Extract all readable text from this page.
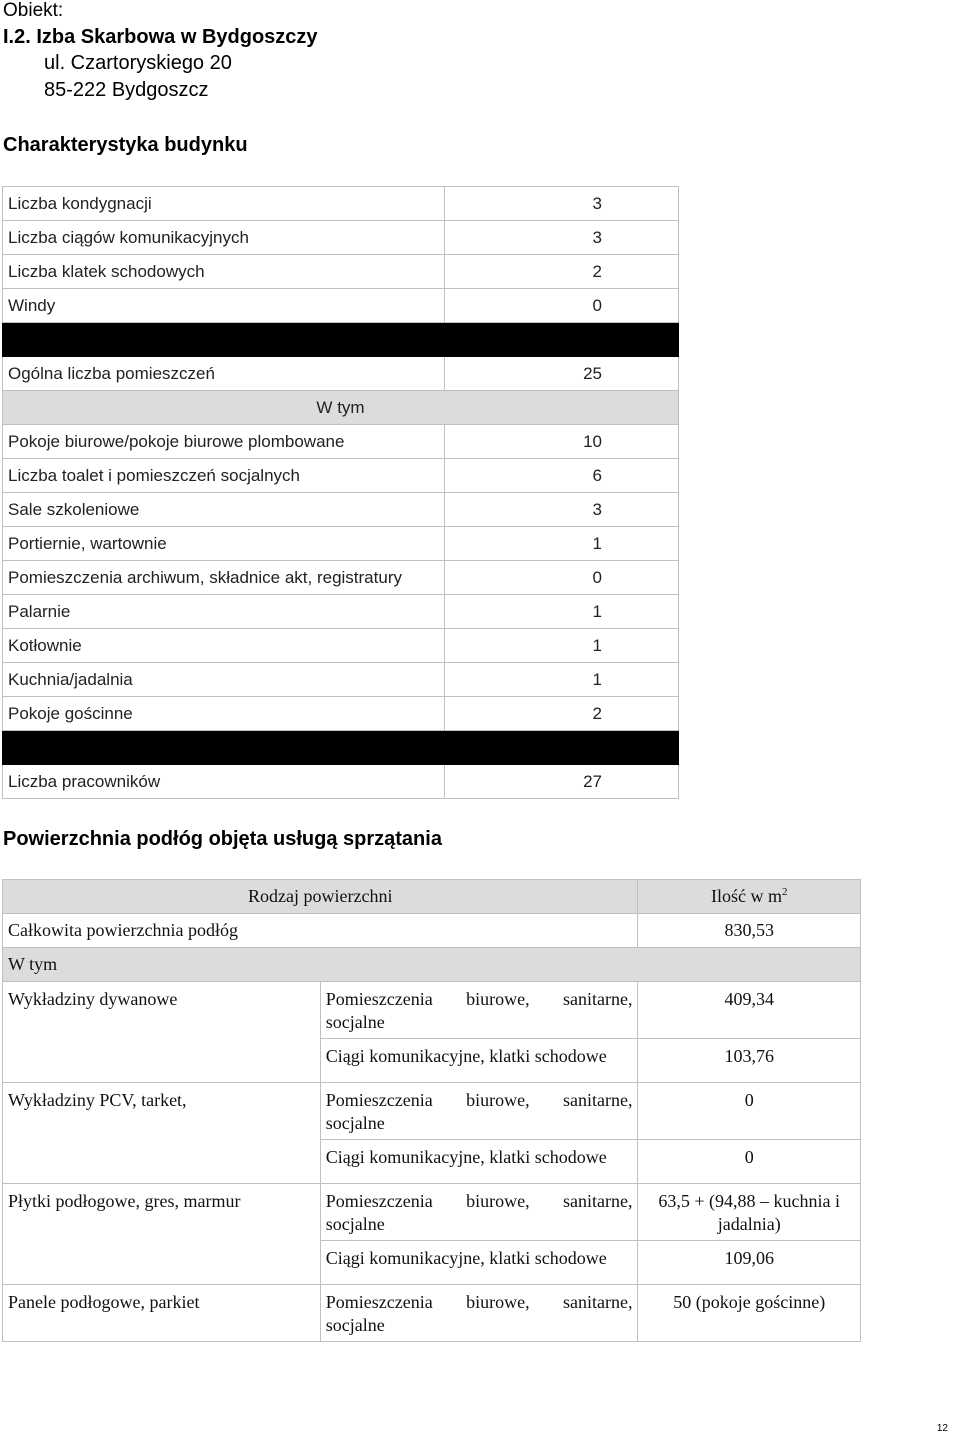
Obiekt:
I.2. Izba Skarbowa w Bydgoszczy
ul. Czartoryskiego 20
85-222 Bydgoszcz
Charakterystyka budynku
Liczba kondygnacji	3
Liczba ciągów komunikacyjnych	3
Liczba klatek schodowych	2
Windy	0

Ogólna liczba pomieszczeń	25
W tym	
Pokoje biurowe/pokoje biurowe plombowane	10
Liczba toalet i pomieszczeń socjalnych	6
Sale szkoleniowe	3
Portiernie, wartownie	1
Pomieszczenia archiwum, składnice akt, registratury	0
Palarnie	1
Kotłownie	1
Kuchnia/jadalnia	1
Pokoje gościnne	2

Liczba pracowników	27
Powierzchnia podłóg objęta usługą sprzątania
Rodzaj powierzchni		Ilość w $m^2$
Całkowita powierzchnia podłóg		830,53
W tym		
Wykładziny dywanowe	Pomieszczenia biurowe, sanitarne, socjalne	409,34
	Ciągi komunikacyjne, klatki schodowe	103,76
Wykładziny PCV, tarket,	Pomieszczenia biurowe, sanitarne, socjalne	0
	Ciągi komunikacyjne, klatki schodowe	0
Płytki podłogowe, gres, marmur	Pomieszczenia biurowe, sanitarne, socjalne	63,5 + (94,88 – kuchnia i jadalnia)
	Ciągi komunikacyjne, klatki schodowe	109,06
Panele podłogowe, parkiet	Pomieszczenia biurowe, sanitarne, socjalne	50 (pokoje gościnne)
12
